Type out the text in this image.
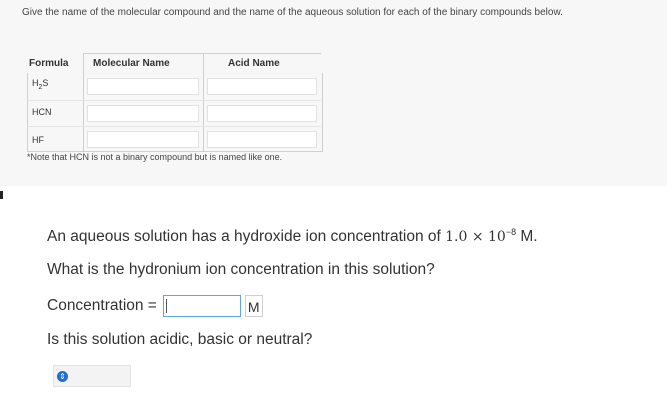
Give the name of the molecular compound and the name of the aqueous solution for each of the binary compounds below.
Formula Molecular Name	Acid Name
$H_2S$
HCN
HF
*Note that HCN is not a binary compound but is named like one.
An aqueous solution has a hydroxide ion concentration of $1.0 \times 10^{-8}$ M.
What is the hydronium ion concentration in this solution?
Concentration =	M
Is this solution acidic, basic or neutral?
⇕
